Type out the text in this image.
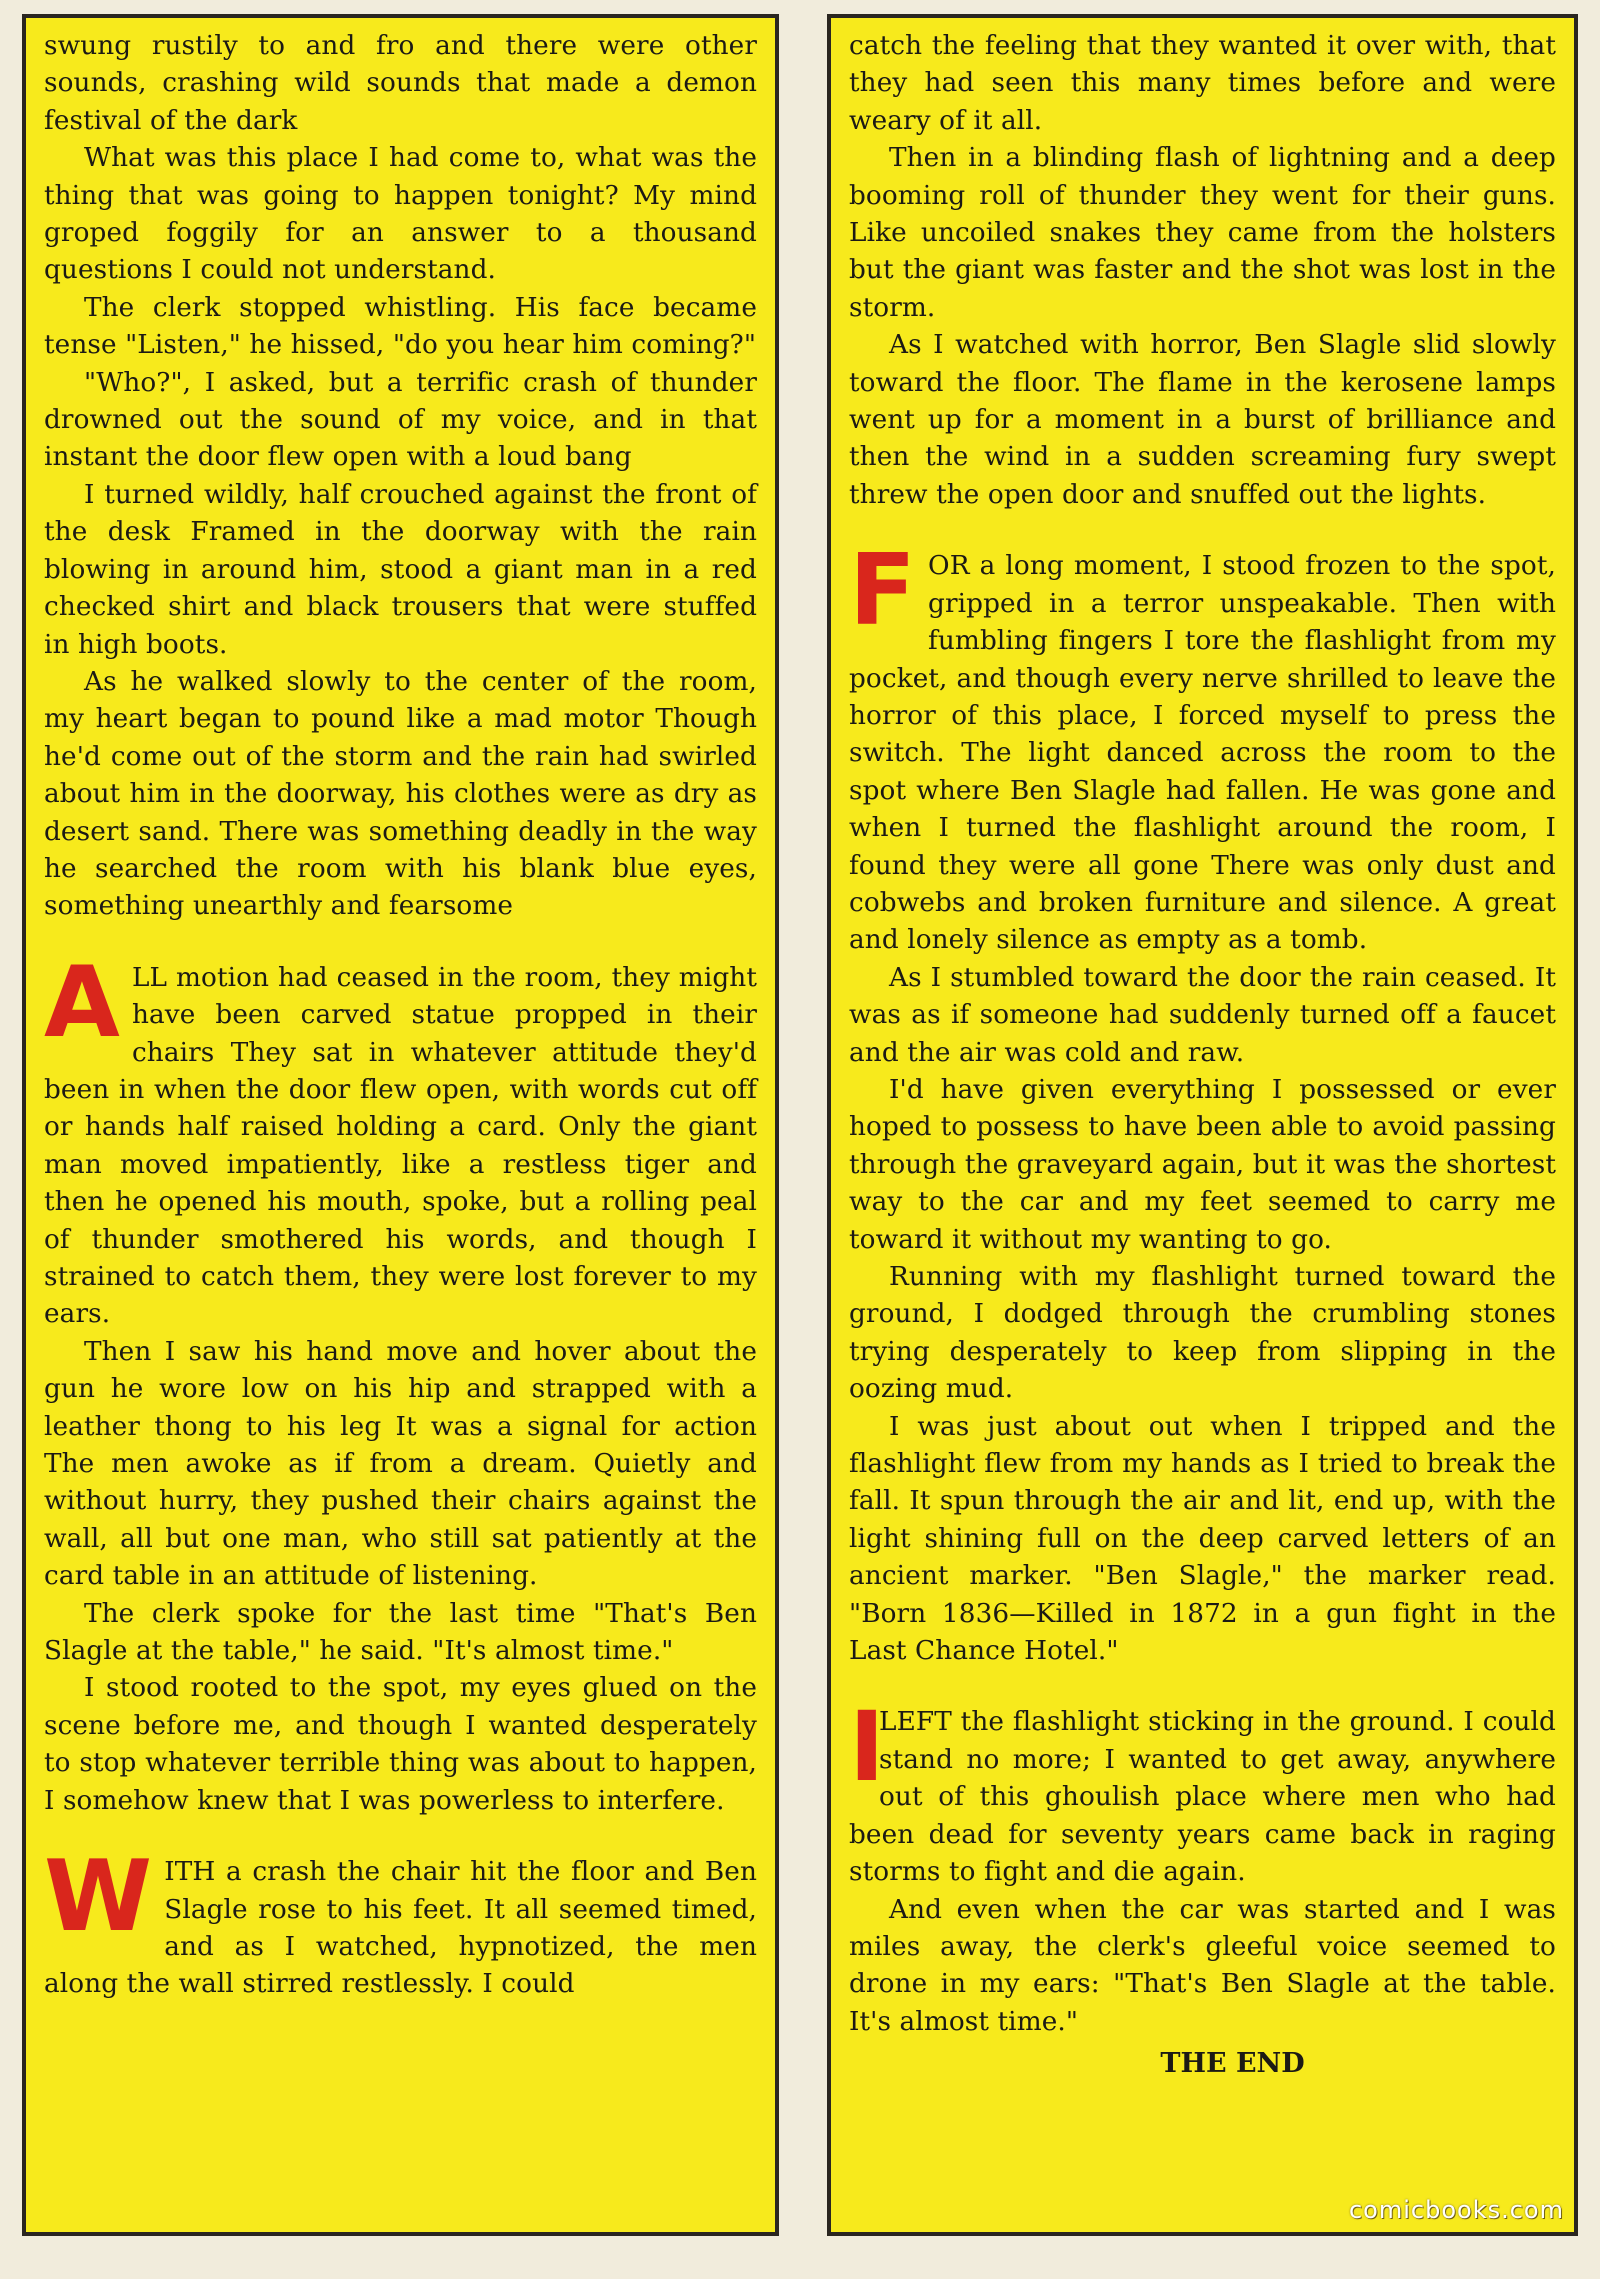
swung rustily to and fro and there were other sounds, crashing wild sounds that made a demon festival of the dark

What was this place I had come to, what was the thing that was going to happen tonight? My mind groped foggily for an answer to a thousand questions I could not understand.

The clerk stopped whistling. His face became tense "Listen," he hissed, "do you hear him coming?"

"Who?", I asked, but a terrific crash of thunder drowned out the sound of my voice, and in that instant the door flew open with a loud bang

I turned wildly, half crouched against the front of the desk Framed in the doorway with the rain blowing in around him, stood a giant man in a red checked shirt and black trousers that were stuffed in high boots.

As he walked slowly to the center of the room, my heart began to pound like a mad motor Though he'd come out of the storm and the rain had swirled about him in the doorway, his clothes were as dry as desert sand. There was something deadly in the way he searched the room with his blank blue eyes, something unearthly and fearsome

ALL motion had ceased in the room, they might have been carved statue propped in their chairs They sat in whatever attitude they'd been in when the door flew open, with words cut off or hands half raised holding a card. Only the giant man moved impatiently, like a restless tiger and then he opened his mouth, spoke, but a rolling peal of thunder smothered his words, and though I strained to catch them, they were lost forever to my ears.

Then I saw his hand move and hover about the gun he wore low on his hip and strapped with a leather thong to his leg It was a signal for action The men awoke as if from a dream. Quietly and without hurry, they pushed their chairs against the wall, all but one man, who still sat patiently at the card table in an attitude of listening.

The clerk spoke for the last time "That's Ben Slagle at the table," he said. "It's almost time."

I stood rooted to the spot, my eyes glued on the scene before me, and though I wanted desperately to stop whatever terrible thing was about to happen, I somehow knew that I was powerless to interfere.

WITH a crash the chair hit the floor and Ben Slagle rose to his feet. It all seemed timed, and as I watched, hypnotized, the men along the wall stirred restlessly. I could

catch the feeling that they wanted it over with, that they had seen this many times before and were weary of it all.

Then in a blinding flash of lightning and a deep booming roll of thunder they went for their guns. Like uncoiled snakes they came from the holsters but the giant was faster and the shot was lost in the storm.

As I watched with horror, Ben Slagle slid slowly toward the floor. The flame in the kerosene lamps went up for a moment in a burst of brilliance and then the wind in a sudden screaming fury swept threw the open door and snuffed out the lights.

FOR a long moment, I stood frozen to the spot, gripped in a terror unspeakable. Then with fumbling fingers I tore the flashlight from my pocket, and though every nerve shrilled to leave the horror of this place, I forced myself to press the switch. The light danced across the room to the spot where Ben Slagle had fallen. He was gone and when I turned the flashlight around the room, I found they were all gone There was only dust and cobwebs and broken furniture and silence. A great and lonely silence as empty as a tomb.

As I stumbled toward the door the rain ceased. It was as if someone had suddenly turned off a faucet and the air was cold and raw.

I'd have given everything I possessed or ever hoped to possess to have been able to avoid passing through the graveyard again, but it was the shortest way to the car and my feet seemed to carry me toward it without my wanting to go.

Running with my flashlight turned toward the ground, I dodged through the crumbling stones trying desperately to keep from slipping in the oozing mud.

I was just about out when I tripped and the flashlight flew from my hands as I tried to break the fall. It spun through the air and lit, end up, with the light shining full on the deep carved letters of an ancient marker. "Ben Slagle," the marker read. "Born 1836—Killed in 1872 in a gun fight in the Last Chance Hotel."

I
LEFT the flashlight sticking in the ground. I could stand no more; I wanted to get away, anywhere out of this ghoulish place where men who had been dead for seventy years came back in raging storms to fight and die again.

And even when the car was started and I was miles away, the clerk's gleeful voice seemed to drone in my ears: "That's Ben Slagle at the table. It's almost time."

THE END
comicbooks.com
